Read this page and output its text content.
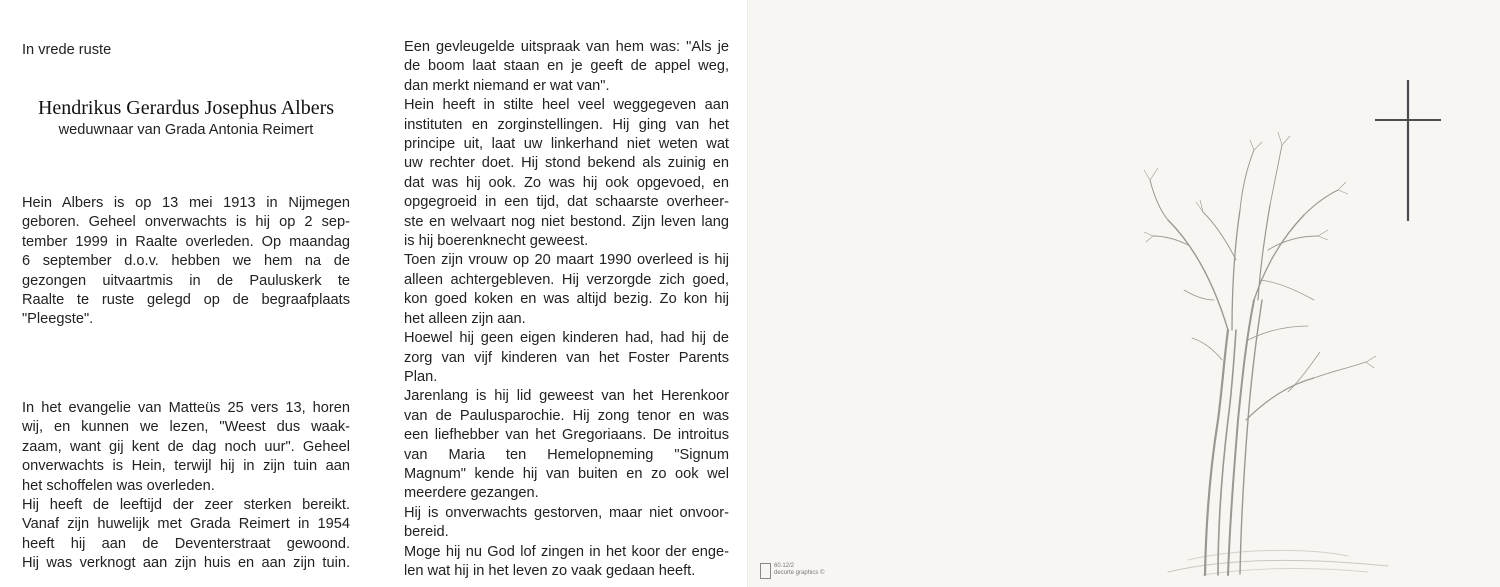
In vrede ruste
Hendrikus Gerardus Josephus Albers
weduwnaar van Grada Antonia Reimert

Hein Albers is op 13 mei 1913 in Nijmegen

geboren. Geheel onverwachts is hij op 2 sep-

tember 1999 in Raalte overleden. Op maandag

6 september d.o.v. hebben we hem na de

gezongen uitvaartmis in de Pauluskerk te

Raalte te ruste gelegd op de begraafplaats

"Pleegste".

In het evangelie van Matteüs 25 vers 13, horen

wij, en kunnen we lezen, "Weest dus waak-

zaam, want gij kent de dag noch uur". Geheel

onverwachts is Hein, terwijl hij in zijn tuin aan

het schoffelen was overleden.

Hij heeft de leeftijd der zeer sterken bereikt.

Vanaf zijn huwelijk met Grada Reimert in 1954

heeft hij aan de Deventerstraat gewoond.

Hij was verknogt aan zijn huis en aan zijn tuin.

Een gevleugelde uitspraak van hem was: "Als je

de boom laat staan en je geeft de appel weg,

dan merkt niemand er wat van".

Hein heeft in stilte heel veel weggegeven aan

instituten en zorginstellingen. Hij ging van het

principe uit, laat uw linkerhand niet weten wat

uw rechter doet. Hij stond bekend als zuinig en

dat was hij ook. Zo was hij ook opgevoed, en

opgegroeid in een tijd, dat schaarste overheer-

ste en welvaart nog niet bestond. Zijn leven lang

is hij boerenknecht geweest.

Toen zijn vrouw op 20 maart 1990 overleed is hij

alleen achtergebleven. Hij verzorgde zich goed,

kon goed koken en was altijd bezig. Zo kon hij

het alleen zijn aan.

Hoewel hij geen eigen kinderen had, had hij de

zorg van vijf kinderen van het Foster Parents

Plan.

Jarenlang is hij lid geweest van het Herenkoor

van de Paulusparochie. Hij zong tenor en was

een liefhebber van het Gregoriaans. De introitus

van Maria ten Hemelopneming "Signum

Magnum" kende hij van buiten en zo ook wel

meerdere gezangen.

Hij is onverwachts gestorven, maar niet onvoor-

bereid.

Moge hij nu God lof zingen in het koor der enge-

len wat hij in het leven zo vaak gedaan heeft.	60.12/2
decorte graphics ©
